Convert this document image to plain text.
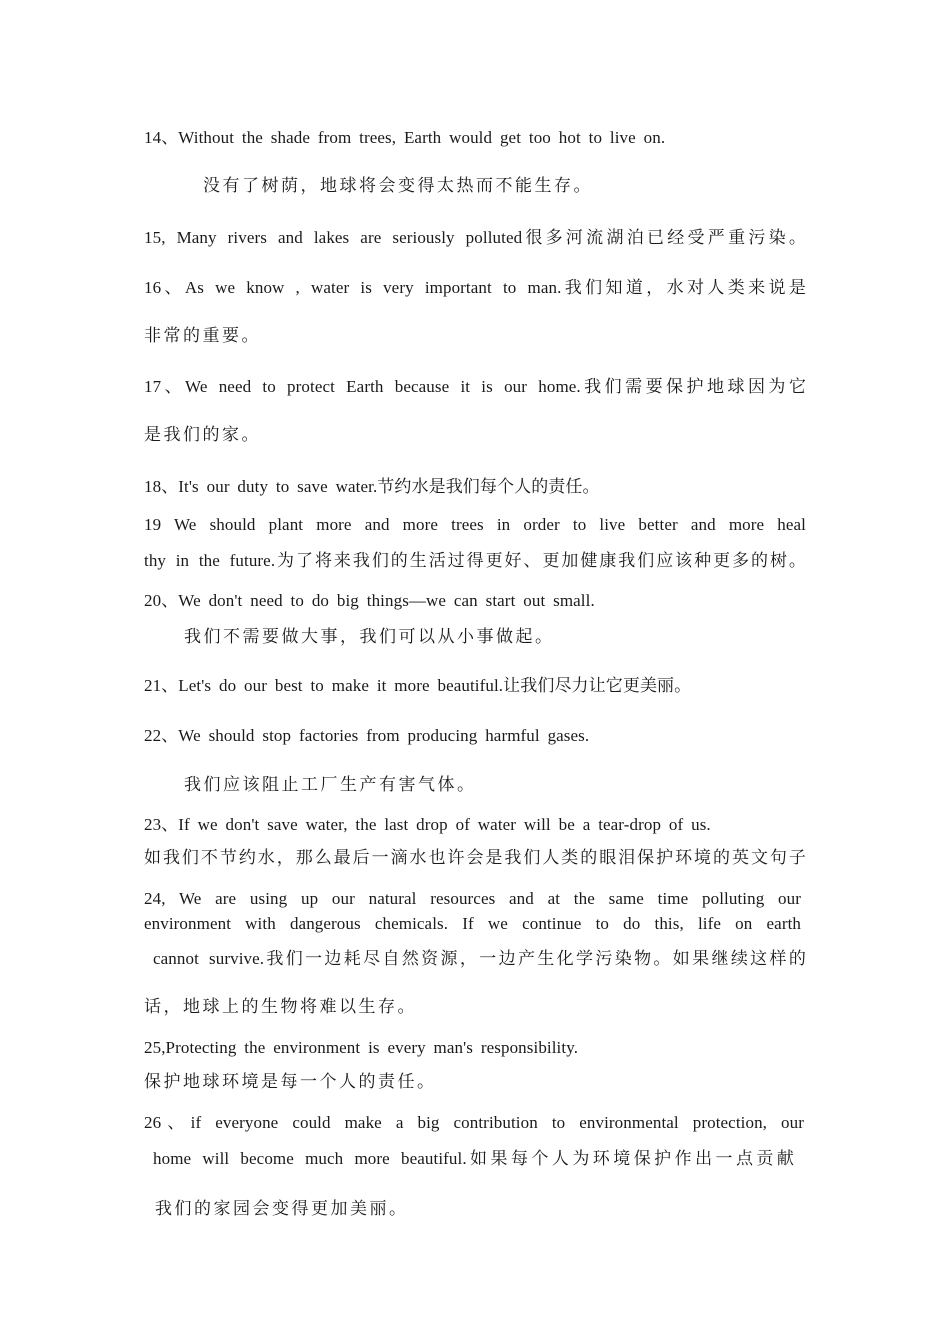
14、Without the shade from trees, Earth would get too hot to live on.
没有了树荫，地球将会变得太热而不能生存。
15, Many rivers and lakes are seriously polluted很多河流湖泊已经受严重污染。
16、As we know , water is very important to man.我们知道，水对人类来说是
非常的重要。
17、We need to protect Earth because it is our home.我们需要保护地球因为它
是我们的家。
18、It's our duty to save water.节约水是我们每个人的责任。
19 We should plant more and more trees in order to live better and more heal
thy in the future.为了将来我们的生活过得更好、更加健康我们应该种更多的树。
20、We don't need to do big things—we can start out small.
我们不需要做大事，我们可以从小事做起。
21、Let's do our best to make it more beautiful.让我们尽力让它更美丽。
22、We should stop factories from producing harmful gases.
我们应该阻止工厂生产有害气体。
23、If we don't save water, the last drop of water will be a tear-drop of us.
如我们不节约水，那么最后一滴水也许会是我们人类的眼泪保护环境的英文句子
24, We are using up our natural resources and at the same time polluting our
environment with dangerous chemicals. If we continue to do this, life on earth
cannot survive.我们一边耗尽自然资源，一边产生化学污染物。如果继续这样的
话，地球上的生物将难以生存。
25,Protecting the environment is every man's responsibility.
保护地球环境是每一个人的责任。
26、if everyone could make a big contribution to environmental protection, our
home will become much more beautiful.如果每个人为环境保护作出一点贡献
我们的家园会变得更加美丽。
